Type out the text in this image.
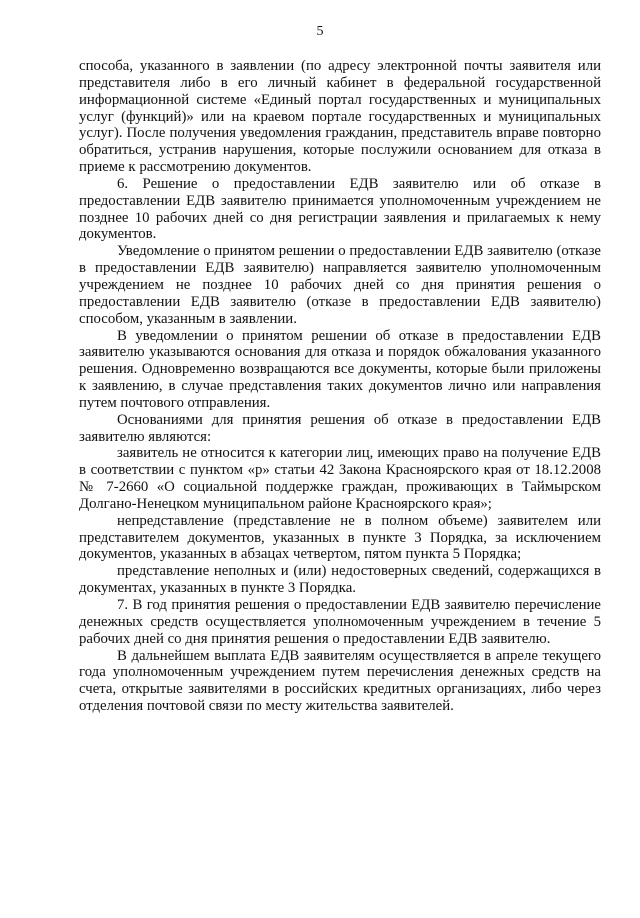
5

способа, указанного в заявлении (по адресу электронной почты заявителя или представителя либо в его личный кабинет в федеральной государственной информационной системе «Единый портал государственных и муниципальных услуг (функций)» или на краевом портале государственных и муниципальных услуг). После получения уведомления гражданин, представитель вправе повторно обратиться, устранив нарушения, которые послужили основанием для отказа в приеме к рассмотрению документов.

6. Решение о предоставлении ЕДВ заявителю или об отказе в предоставлении ЕДВ заявителю принимается уполномоченным учреждением не позднее 10 рабочих дней со дня регистрации заявления и прилагаемых к нему документов.

Уведомление о принятом решении о предоставлении ЕДВ заявителю (отказе в предоставлении ЕДВ заявителю) направляется заявителю уполномоченным учреждением не позднее 10 рабочих дней со дня принятия решения о предоставлении ЕДВ заявителю (отказе в предоставлении ЕДВ заявителю) способом, указанным в заявлении.

В уведомлении о принятом решении об отказе в предоставлении ЕДВ заявителю указываются основания для отказа и порядок обжалования указанного решения. Одновременно возвращаются все документы, которые были приложены к заявлению, в случае представления таких документов лично или направления путем почтового отправления.

Основаниями для принятия решения об отказе в предоставлении ЕДВ заявителю являются:

заявитель не относится к категории лиц, имеющих право на получение ЕДВ в соответствии с пунктом «р» статьи 42 Закона Красноярского края от 18.12.2008 № 7-2660 «О социальной поддержке граждан, проживающих в Таймырском Долгано-Ненецком муниципальном районе Красноярского края»;

непредставление (представление не в полном объеме) заявителем или представителем документов, указанных в пункте 3 Порядка, за исключением документов, указанных в абзацах четвертом, пятом пункта 5 Порядка;

представление неполных и (или) недостоверных сведений, содержащихся в документах, указанных в пункте 3 Порядка.

7. В год принятия решения о предоставлении ЕДВ заявителю перечисление денежных средств осуществляется уполномоченным учреждением в течение 5 рабочих дней со дня принятия решения о предоставлении ЕДВ заявителю.

В дальнейшем выплата ЕДВ заявителям осуществляется в апреле текущего года уполномоченным учреждением путем перечисления денежных средств на счета, открытые заявителями в российских кредитных организациях, либо через отделения почтовой связи по месту жительства заявителей.
